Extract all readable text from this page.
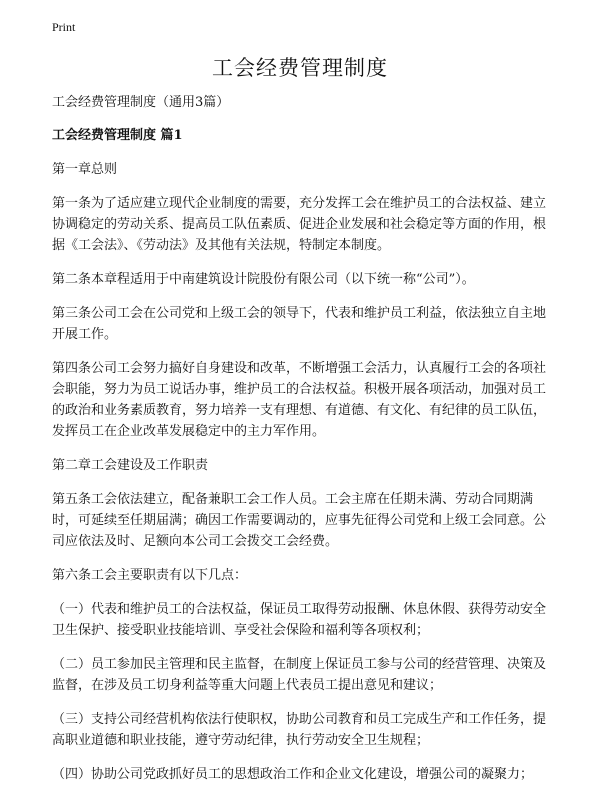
Print
工会经费管理制度

工会经费管理制度（通用3篇）

工会经费管理制度 篇1

第一章总则

第一条为了适应建立现代企业制度的需要，充分发挥工会在维护员工的合法权益、建立协调稳定的劳动关系、提高员工队伍素质、促进企业发展和社会稳定等方面的作用，根据《工会法》、《劳动法》及其他有关法规，特制定本制度。

第二条本章程适用于中南建筑设计院股份有限公司（以下统一称“公司”）。

第三条公司工会在公司党和上级工会的领导下，代表和维护员工利益，依法独立自主地开展工作。

第四条公司工会努力搞好自身建设和改革，不断增强工会活力，认真履行工会的各项社会职能，努力为员工说话办事，维护员工的合法权益。积极开展各项活动，加强对员工的政治和业务素质教育，努力培养一支有理想、有道德、有文化、有纪律的员工队伍，发挥员工在企业改革发展稳定中的主力军作用。

第二章工会建设及工作职责

第五条工会依法建立，配备兼职工会工作人员。工会主席在任期未满、劳动合同期满时，可延续至任期届满；确因工作需要调动的，应事先征得公司党和上级工会同意。公司应依法及时、足额向本公司工会拨交工会经费。

第六条工会主要职责有以下几点：

（一）代表和维护员工的合法权益，保证员工取得劳动报酬、休息休假、获得劳动安全卫生保护、接受职业技能培训、享受社会保险和福利等各项权利；

（二）员工参加民主管理和民主监督，在制度上保证员工参与公司的经营管理、决策及监督，在涉及员工切身利益等重大问题上代表员工提出意见和建议；

（三）支持公司经营机构依法行使职权，协助公司教育和员工完成生产和工作任务，提高职业道德和职业技能，遵守劳动纪律，执行劳动安全卫生规程；

（四）协助公司党政抓好员工的思想政治工作和企业文化建设，增强公司的凝聚力；
